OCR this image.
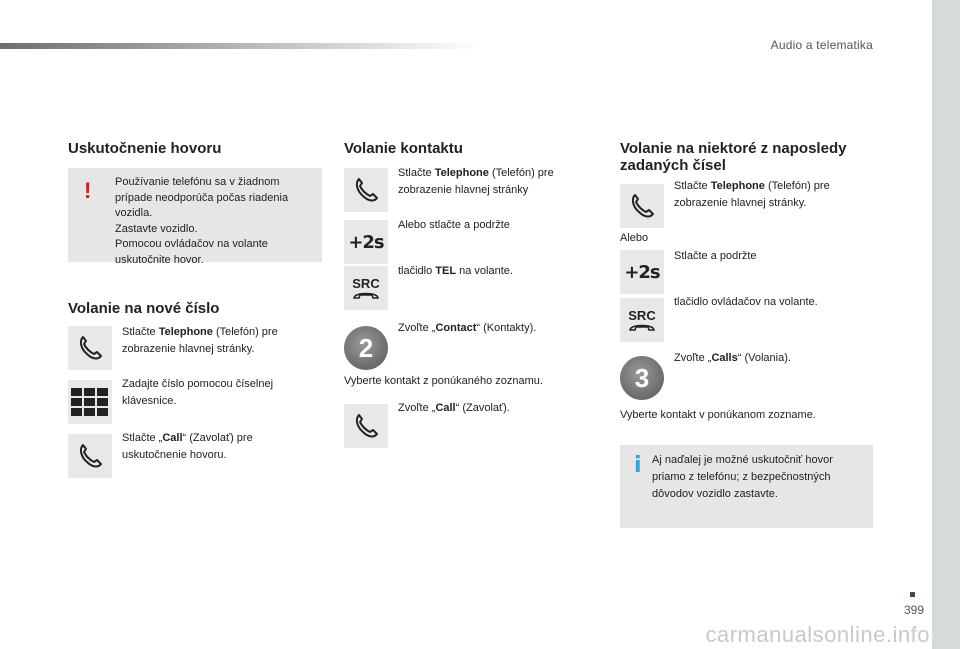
Audio a telematika
399
carmanualsonline.info
Uskutočnenie hovoru
! Používanie telefónu sa v žiadnom prípade neodporúča počas riadenia vozidla.
Zastavte vozidlo.
Pomocou ovládačov na volante uskutočnite hovor.
Volanie na nové číslo
Stlačte Telephone (Telefón) pre zobrazenie hlavnej stránky.
Zadajte číslo pomocou číselnej klávesnice.
Stlačte „Call“ (Zavolať) pre uskutočnenie hovoru.
Volanie kontaktu
Stlačte Telephone (Telefón) pre zobrazenie hlavnej stránky
+2s
Alebo stlačte a podržte
SRC
tlačidlo TEL na volante.
2
Zvoľte „Contact“ (Kontakty).
Vyberte kontakt z ponúkaného zoznamu.
Zvoľte „Call“ (Zavolať).
Volanie na niektoré z naposledy zadaných čísel
Stlačte Telephone (Telefón) pre zobrazenie hlavnej stránky.
Alebo
+2s
Stlačte a podržte
SRC
tlačidlo ovládačov na volante.
3
Zvoľte „Calls“ (Volania).
Vyberte kontakt v ponúkanom zozname.
i Aj naďalej je možné uskutočniť hovor priamo z telefónu; z bezpečnostných dôvodov vozidlo zastavte.
